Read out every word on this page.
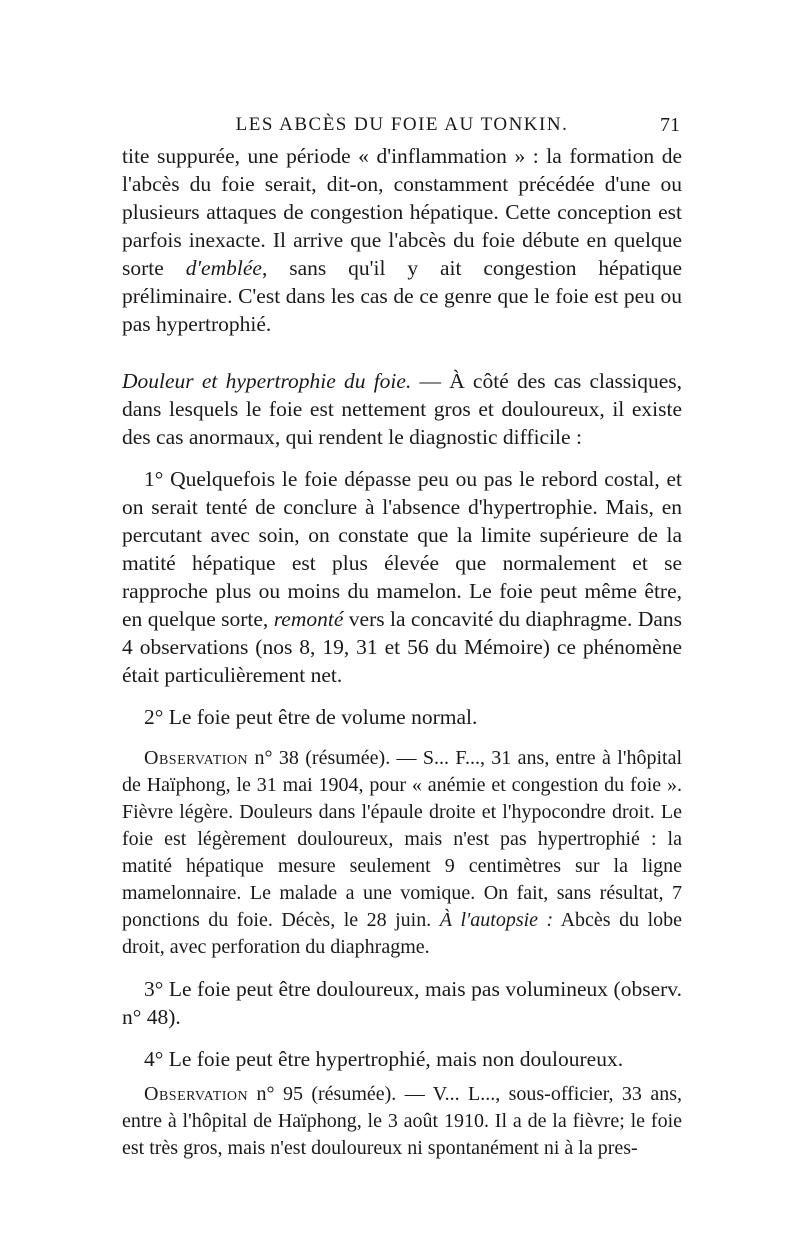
LES ABCÈS DU FOIE AU TONKIN.	71

tite suppurée, une période « d'inflammation » : la formation de l'abcès du foie serait, dit-on, constamment précédée d'une ou plusieurs attaques de congestion hépatique. Cette conception est parfois inexacte. Il arrive que l'abcès du foie débute en quelque sorte d'emblée, sans qu'il y ait congestion hépatique préliminaire. C'est dans les cas de ce genre que le foie est peu ou pas hypertrophié.

Douleur et hypertrophie du foie. — À côté des cas classiques, dans lesquels le foie est nettement gros et douloureux, il existe des cas anormaux, qui rendent le diagnostic difficile :

1° Quelquefois le foie dépasse peu ou pas le rebord costal, et on serait tenté de conclure à l'absence d'hypertrophie. Mais, en percutant avec soin, on constate que la limite supérieure de la matité hépatique est plus élevée que normalement et se rapproche plus ou moins du mamelon. Le foie peut même être, en quelque sorte, remonté vers la concavité du diaphragme. Dans 4 observations (nos 8, 19, 31 et 56 du Mémoire) ce phénomène était particulièrement net.

2° Le foie peut être de volume normal.

Observation n° 38 (résumée). — S... F..., 31 ans, entre à l'hôpital de Haïphong, le 31 mai 1904, pour « anémie et congestion du foie ». Fièvre légère. Douleurs dans l'épaule droite et l'hypocondre droit. Le foie est légèrement douloureux, mais n'est pas hypertrophié : la matité hépatique mesure seulement 9 centimètres sur la ligne mamelonnaire. Le malade a une vomique. On fait, sans résultat, 7 ponctions du foie. Décès, le 28 juin. À l'autopsie : Abcès du lobe droit, avec perforation du diaphragme.

3° Le foie peut être douloureux, mais pas volumineux (observ. n° 48).

4° Le foie peut être hypertrophié, mais non douloureux.

Observation n° 95 (résumée). — V... L..., sous-officier, 33 ans, entre à l'hôpital de Haïphong, le 3 août 1910. Il a de la fièvre; le foie est très gros, mais n'est douloureux ni spontanément ni à la pres-
